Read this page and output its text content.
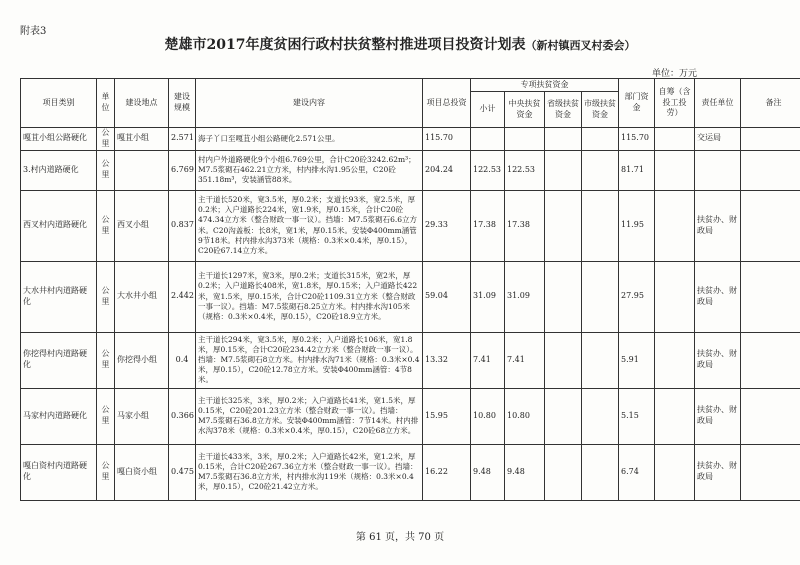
附表3
楚雄市2017年度贫困行政村扶贫整村推进项目投资计划表（新村镇西叉村委会）
单位：万元
项目类别	单位	建设地点	建设规模	建设内容	项目总投资	专项扶贫资金				部门资金	自筹（含投工投劳）	责任单位	备注
						小计	中央扶贫资金	省级扶贫资金	市级扶贫资金				
嘎苴小组公路硬化	公里	嘎苴小组	2.571	海子丫口至嘎苴小组公路硬化2.571公里。	115.70					115.70		交运局	
3.村内道路硬化	公里		6.769	村内户外道路硬化9个小组6.769公里，合计C20砼3242.62m³；M7.5浆砌石462.21立方米，村内排水沟1.95公里，C20砼351.18m³，安装涵管88米。	204.24	122.53	122.53			81.71			
西叉村内道路硬化	公里	西叉小组	0.837	主干道长520米，宽3.5米，厚0.2米；支道长93米，宽2.5米，厚0.2米；入户道路长224米，宽1.9米，厚0.15米，合计C20砼474.34立方米（整合财政一事一议）。挡墙：M7.5浆砌石6.6立方米。C20沟盖板：长8米，宽1米，厚0.15米。安装Φ400mm涵管9节18米。村内排水沟373米（规格：0.3米×0.4米，厚0.15），C20砼67.14立方米。	29.33	17.38	17.38			11.95		扶贫办、财政局	
大水井村内道路硬化	公里	大水井小组	2.442	主干道长1297米，宽3米，厚0.2米；支道长315米，宽2米，厚0.2米；入户道路长408米，宽1.8米，厚0.15米；入户道路长422米，宽1.5米，厚0.15米，合计C20砼1109.31立方米（整合财政一事一议）。挡墙：M7.5浆砌石8.25立方米。村内排水沟105米（规格：0.3米×0.4米，厚0.15），C20砼18.9立方米。	59.04	31.09	31.09			27.95		扶贫办、财政局	
你挖得村内道路硬化	公里	你挖得小组	0.4	主干道长294米，宽3.5米，厚0.2米；入户道路长106米，宽1.8米，厚0.15米，合计C20砼234.42立方米（整合财政一事一议）。挡墙：M7.5浆砌石8立方米。村内排水沟71米（规格：0.3米×0.4米，厚0.15），C20砼12.78立方米。安装Φ400mm涵管：4节8米。	13.32	7.41	7.41			5.91		扶贫办、财政局	
马家村内道路硬化	公里	马家小组	0.366	主干道长325米，3米，厚0.2米；入户道路长41米，宽1.5米，厚0.15米，C20砼201.23立方米（整合财政一事一议）。挡墙：M7.5浆砌石36.8立方米。安装Φ400mm涵管：7节14米。村内排水沟378米（规格：0.3米×0.4米，厚0.15），C20砼68立方米。	15.95	10.80	10.80			5.15		扶贫办、财政局	
嘎白资村内道路硬化	公里	嘎白资小组	0.475	主干道长433米，3米，厚0.2米；入户道路长42米，宽1.2米，厚0.15米，合计C20砼267.36立方米（整合财政一事一议）。挡墙：M7.5浆砌石36.8立方米，村内排水沟119米（规格：0.3米×0.4米，厚0.15），C20砼21.42立方米。	16.22	9.48	9.48			6.74		扶贫办、财政局	
第 61 页，共 70 页
